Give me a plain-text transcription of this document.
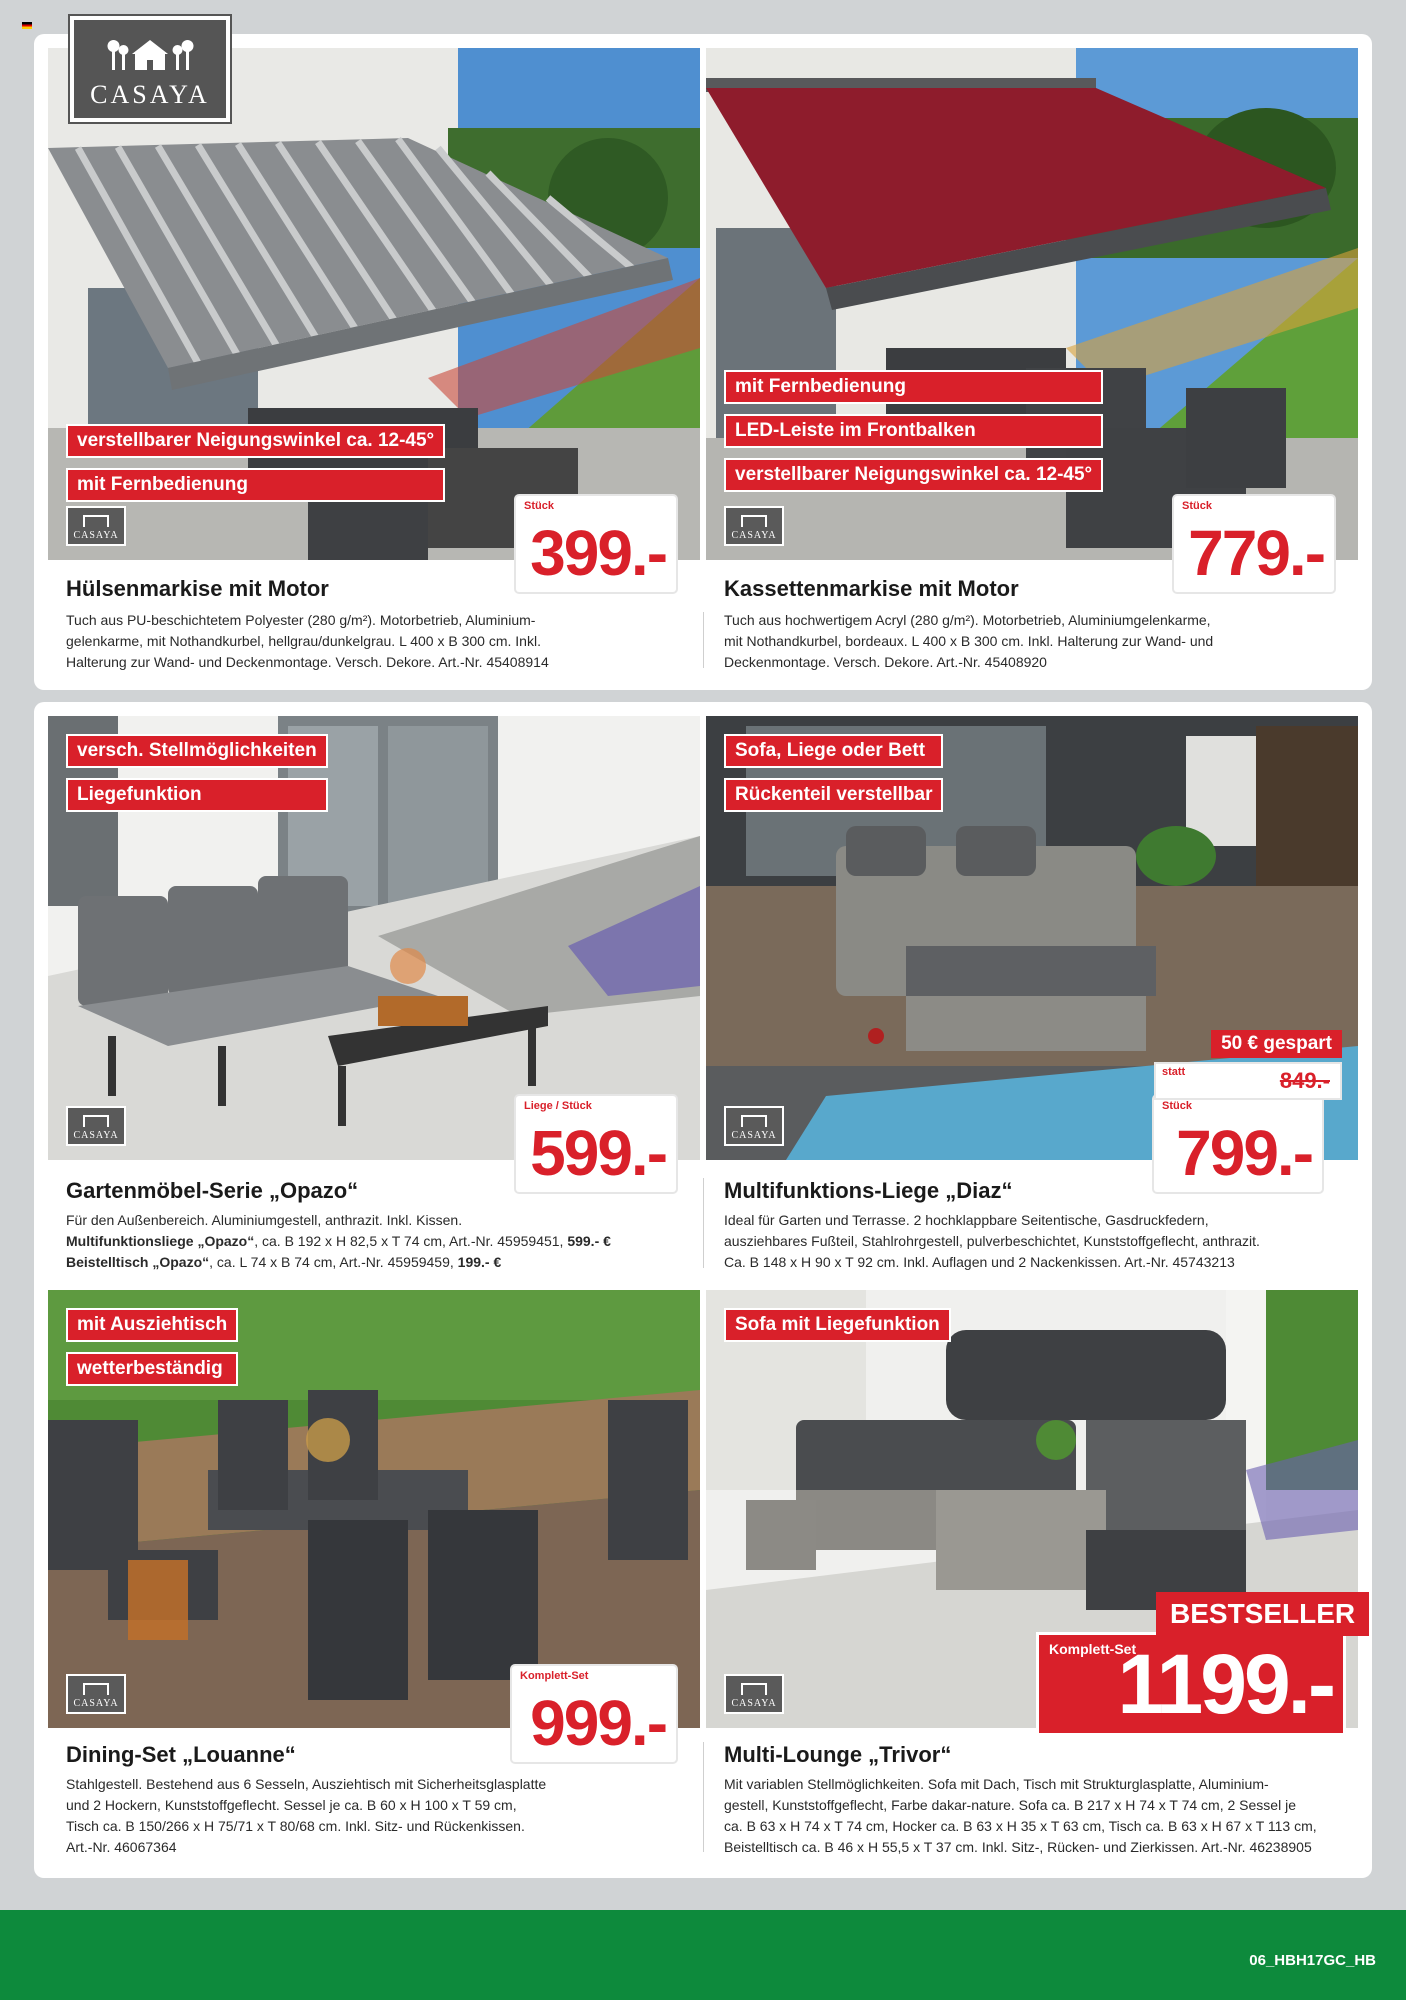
CASAYA
verstellbarer Neigungswinkel ca. 12-45°
mit Fernbedienung
CASAYA
Stück
399.-
Hülsenmarkise mit Motor
Tuch aus PU-beschichtetem Polyester (280 g/m²). Motorbetrieb, Aluminium-
gelenkarme, mit Nothandkurbel, hellgrau/dunkelgrau. L 400 x B 300 cm. Inkl.
Halterung zur Wand- und Deckenmontage. Versch. Dekore. Art.-Nr. 45408914
mit Fernbedienung
LED-Leiste im Frontbalken
verstellbarer Neigungswinkel ca. 12-45°
CASAYA
Stück
779.-
Kassettenmarkise mit Motor
Tuch aus hochwertigem Acryl (280 g/m²). Motorbetrieb, Aluminiumgelenkarme,
mit Nothandkurbel, bordeaux. L 400 x B 300 cm. Inkl. Halterung zur Wand- und
Deckenmontage. Versch. Dekore. Art.-Nr. 45408920
versch. Stellmöglichkeiten
Liegefunktion
CASAYA
Liege / Stück
599.-
Gartenmöbel-Serie „Opazo“
Für den Außenbereich. Aluminiumgestell, anthrazit. Inkl. Kissen.
Multifunktionsliege „Opazo“, ca. B 192 x H 82,5 x T 74 cm, Art.-Nr. 45959451, 599.- €
Beistelltisch „Opazo“, ca. L 74 x B 74 cm, Art.-Nr. 45959459, 199.- €
Sofa, Liege oder Bett
Rückenteil verstellbar
CASAYA
50 € gespart
statt	849.-
Stück
799.-
Multifunktions-Liege „Diaz“
Ideal für Garten und Terrasse. 2 hochklappbare Seitentische, Gasdruckfedern,
ausziehbares Fußteil, Stahlrohrgestell, pulverbeschichtet, Kunststoffgeflecht, anthrazit.
Ca. B 148 x H 90 x T 92 cm. Inkl. Auflagen und 2 Nackenkissen. Art.-Nr. 45743213
mit Ausziehtisch
wetterbeständig
CASAYA
Komplett-Set
999.-
Dining-Set „Louanne“
Stahlgestell. Bestehend aus 6 Sesseln, Ausziehtisch mit Sicherheitsglasplatte
und 2 Hockern, Kunststoffgeflecht. Sessel je ca. B 60 x H 100 x T 59 cm,
Tisch ca. B 150/266 x H 75/71 x T 80/68 cm. Inkl. Sitz- und Rückenkissen.
Art.-Nr. 46067364
Sofa mit Liegefunktion
CASAYA
BESTSELLER
Komplett-Set
1199.-
Multi-Lounge „Trivor“
Mit variablen Stellmöglichkeiten. Sofa mit Dach, Tisch mit Strukturglasplatte, Aluminium-
gestell, Kunststoffgeflecht, Farbe dakar-nature. Sofa ca. B 217 x H 74 x T 74 cm, 2 Sessel je
ca. B 63 x H 74 x T 74 cm, Hocker ca. B 63 x H 35 x T 63 cm, Tisch ca. B 63 x H 67 x T 113 cm,
Beistelltisch ca. B 46 x H 55,5 x T 37 cm. Inkl. Sitz-, Rücken- und Zierkissen. Art.-Nr. 46238905
06_HBH17GC_HB
